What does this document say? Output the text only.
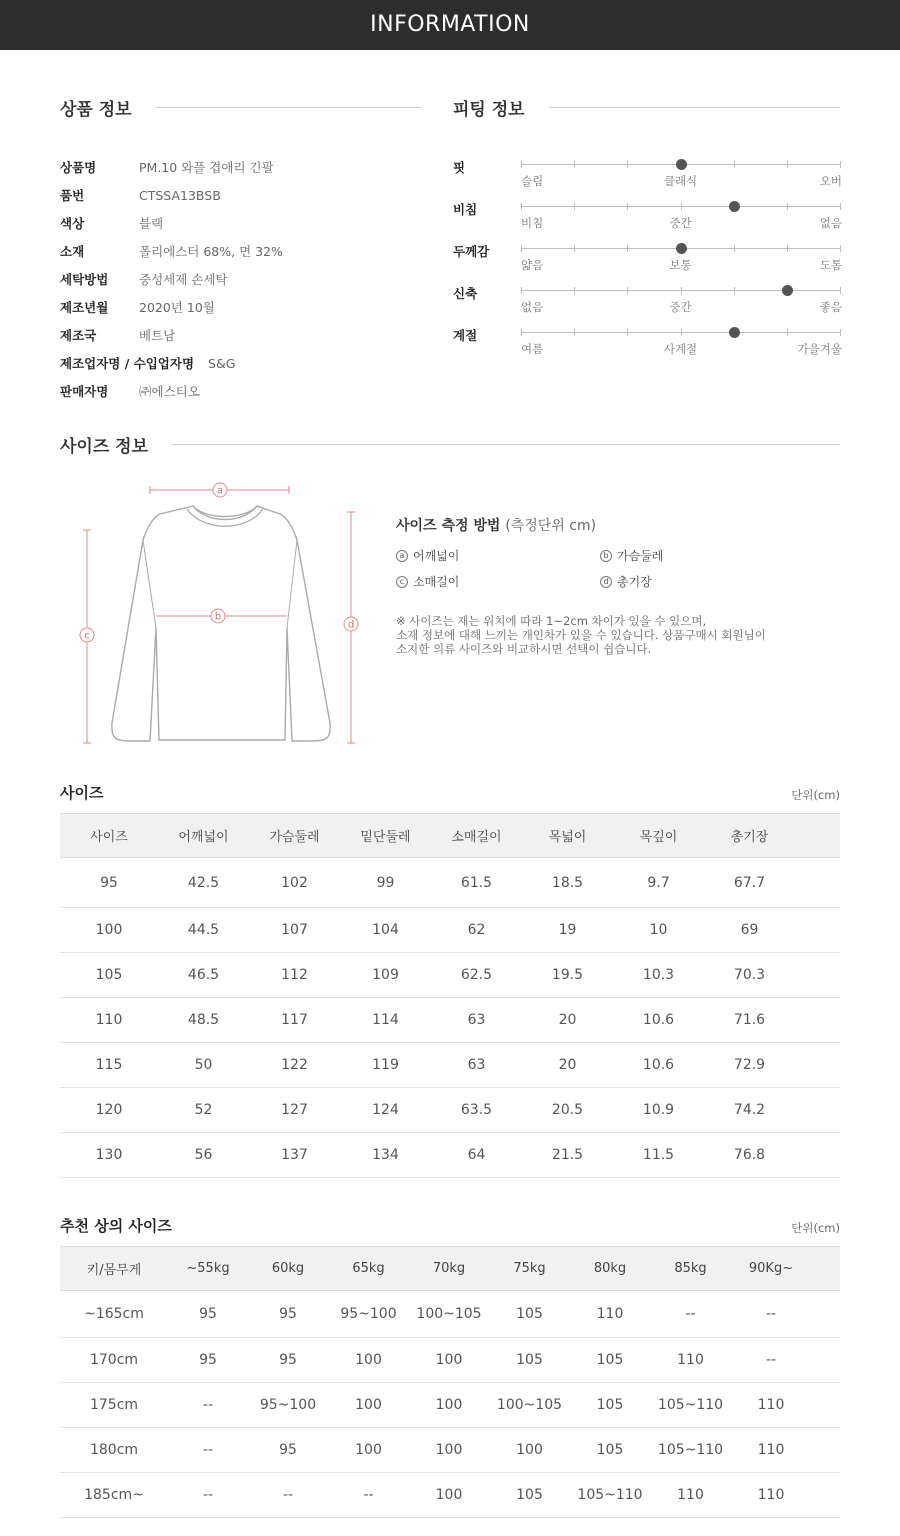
INFORMATION
상품 정보
상품명	PM.10 와플 겹애리 긴팔
품번	CTSSA13BSB
색상	블랙
소재	폴리에스터 68%, 면 32%
세탁방법	중성세제 손세탁
제조년월	2020년 10월
제조국	베트남
제조업자명 / 수입업자명 S&G
판매자명	㈜에스티오
피팅 정보
핏
슬림	클래식	오버
비침
비침	중간	없음
두께감
얇음	보통	도톰
신축
없음	중간	좋음
계절
여름	사계절	가을겨울
사이즈 정보
a
b
c
d
사이즈 측정 방법 (측정단위 cm)
a 어깨넓이	b 가슴둘레
c 소매길이	d 총기장
※ 사이즈는 재는 위치에 따라 1~2cm 차이가 있을 수 있으며,
소재 정보에 대해 느끼는 개인차가 있을 수 있습니다. 상품구매시 회원님이
소지한 의류 사이즈와 비교하시면 선택이 쉽습니다.
사이즈	단위(cm)
사이즈	어깨넓이	가슴둘레	밑단둘레	소매길이	목넓이	목깊이	총기장	
95	42.5	102	99	61.5	18.5	9.7	67.7	
100	44.5	107	104	62	19	10	69	
105	46.5	112	109	62.5	19.5	10.3	70.3	
110	48.5	117	114	63	20	10.6	71.6	
115	50	122	119	63	20	10.6	72.9	
120	52	127	124	63.5	20.5	10.9	74.2	
130	56	137	134	64	21.5	11.5	76.8	
추천 상의 사이즈	단위(cm)
키/몸무게	~55kg	60kg	65kg	70kg	75kg	80kg	85kg	90Kg~	
~165cm	95	95	95~100	100~105	105	110	--	--	
170cm	95	95	100	100	105	105	110	--	
175cm	--	95~100	100	100	100~105	105	105~110	110	
180cm	--	95	100	100	100	105	105~110	110	
185cm~	--	--	--	100	105	105~110	110	110	
